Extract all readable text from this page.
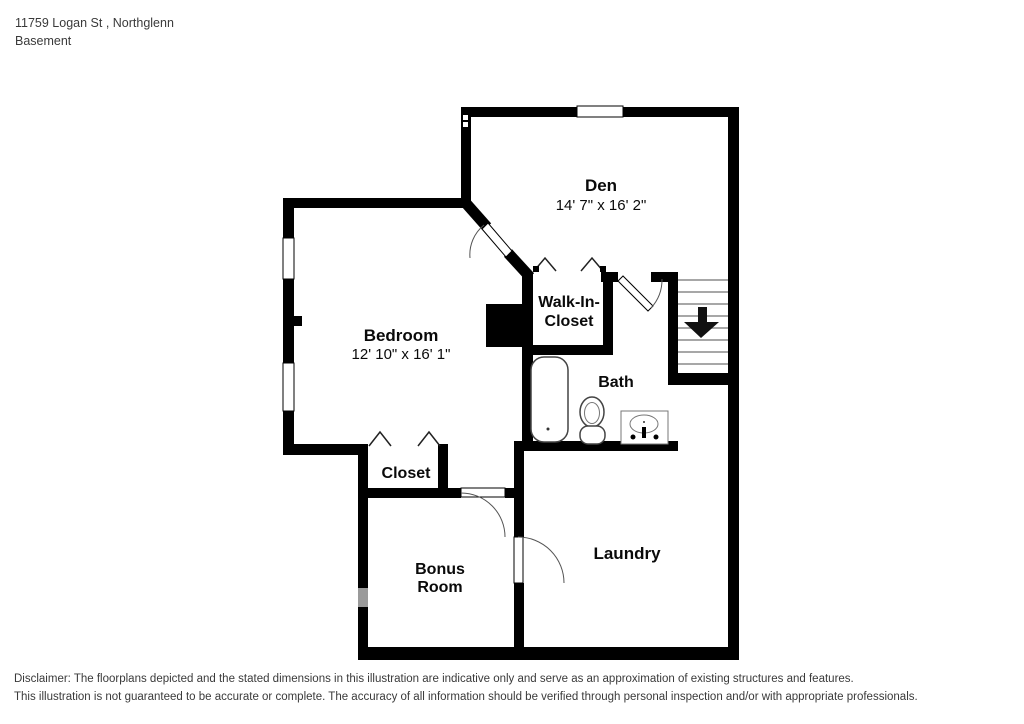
11759 Logan St , Northglenn
Basement
Den
14' 7" x 16' 2"
Bedroom
12' 10" x 16' 1"
Walk-In-
Closet
Bath
Closet
Bonus
Room
Laundry
Disclaimer: The floorplans depicted and the stated dimensions in this illustration are indicative only and serve as an approximation of existing structures and features.
This illustration is not guaranteed to be accurate or complete. The accuracy of all information should be verified through personal inspection and/or with appropriate professionals.
